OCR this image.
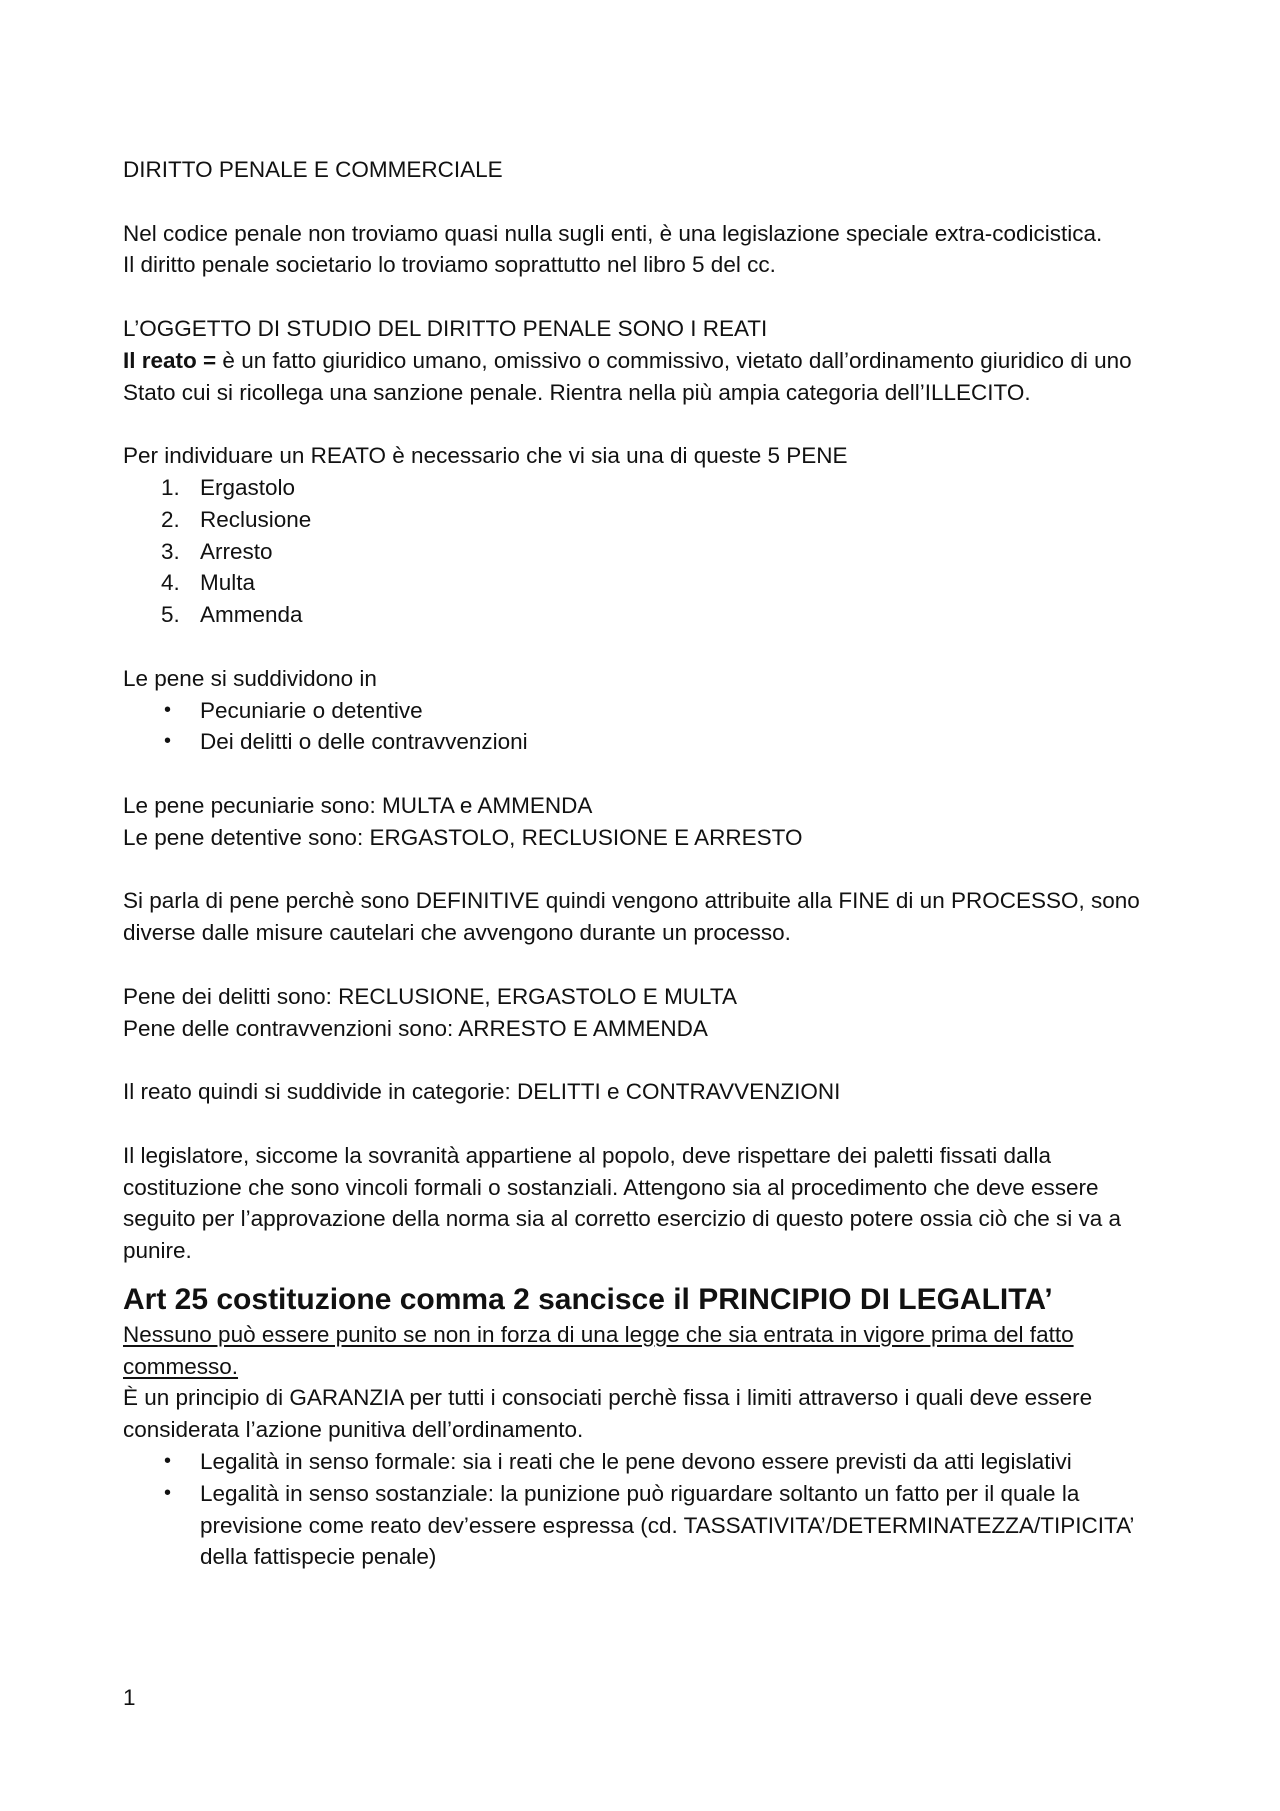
DIRITTO PENALE E COMMERCIALE

Nel codice penale non troviamo quasi nulla sugli enti, è una legislazione speciale extra-codicistica.

Il diritto penale societario lo troviamo soprattutto nel libro 5 del cc.

L’OGGETTO DI STUDIO DEL DIRITTO PENALE SONO I REATI

Il reato = è un fatto giuridico umano, omissivo o commissivo, vietato dall’ordinamento giuridico di uno Stato cui si ricollega una sanzione penale. Rientra nella più ampia categoria dell’ILLECITO.

Per individuare un REATO è necessario che vi sia una di queste 5 PENE

1. Ergastolo
2. Reclusione
3. Arresto
4. Multa
5. Ammenda

Le pene si suddividono in

• Pecuniarie o detentive
• Dei delitti o delle contravvenzioni

Le pene pecuniarie sono: MULTA e AMMENDA

Le pene detentive sono: ERGASTOLO, RECLUSIONE E ARRESTO

Si parla di pene perchè sono DEFINITIVE quindi vengono attribuite alla FINE di un PROCESSO, sono diverse dalle misure cautelari che avvengono durante un processo.

Pene dei delitti sono: RECLUSIONE, ERGASTOLO E MULTA

Pene delle contravvenzioni sono: ARRESTO E AMMENDA

Il reato quindi si suddivide in categorie: DELITTI e CONTRAVVENZIONI

Il legislatore, siccome la sovranità appartiene al popolo, deve rispettare dei paletti fissati dalla costituzione che sono vincoli formali o sostanziali. Attengono sia al procedimento che deve essere seguito per l’approvazione della norma sia al corretto esercizio di questo potere ossia ciò che si va a punire.

Art 25 costituzione comma 2 sancisce il PRINCIPIO DI LEGALITA’

Nessuno può essere punito se non in forza di una legge che sia entrata in vigore prima del fatto commesso.

È un principio di GARANZIA per tutti i consociati perchè fissa i limiti attraverso i quali deve essere considerata l’azione punitiva dell’ordinamento.

• Legalità in senso formale: sia i reati che le pene devono essere previsti da atti legislativi
• Legalità in senso sostanziale: la punizione può riguardare soltanto un fatto per il quale la previsione come reato dev’essere espressa (cd. TASSATIVITA’/DETERMINATEZZA/TIPICITA’ della fattispecie penale)
1
